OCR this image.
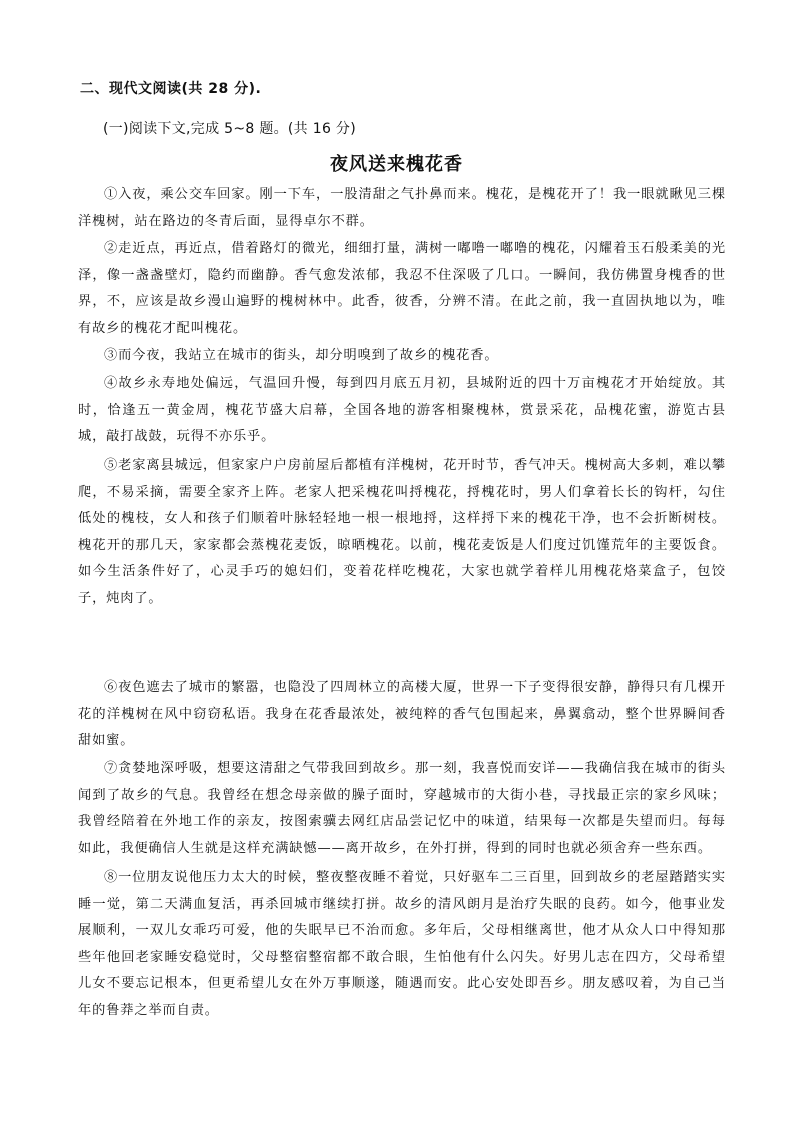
二、现代文阅读(共 28 分).
(一)阅读下文,完成 5~8 题。(共 16 分)
夜风送来槐花香

①入夜，乘公交车回家。刚一下车，一股清甜之气扑鼻而来。槐花，是槐花开了！我一眼就瞅见三棵洋槐树，站在路边的冬青后面，显得卓尔不群。

②走近点，再近点，借着路灯的微光，细细打量，满树一嘟噜一嘟噜的槐花，闪耀着玉石般柔美的光泽，像一盏盏壁灯，隐约而幽静。香气愈发浓郁，我忍不住深吸了几口。一瞬间，我仿佛置身槐香的世界，不，应该是故乡漫山遍野的槐树林中。此香，彼香，分辨不清。在此之前，我一直固执地以为，唯有故乡的槐花才配叫槐花。

③而今夜，我站立在城市的街头，却分明嗅到了故乡的槐花香。

④故乡永寿地处偏远，气温回升慢，每到四月底五月初，县城附近的四十万亩槐花才开始绽放。其时，恰逢五一黄金周，槐花节盛大启幕，全国各地的游客相聚槐林，赏景采花，品槐花蜜，游览古县城，敲打战鼓，玩得不亦乐乎。

⑤老家离县城远，但家家户户房前屋后都植有洋槐树，花开时节，香气冲天。槐树高大多刺，难以攀爬，不易采摘，需要全家齐上阵。老家人把采槐花叫捋槐花，捋槐花时，男人们拿着长长的钩杆，勾住低处的槐枝，女人和孩子们顺着叶脉轻轻地一根一根地捋，这样捋下来的槐花干净，也不会折断树枝。槐花开的那几天，家家都会蒸槐花麦饭，晾晒槐花。以前，槐花麦饭是人们度过饥馑荒年的主要饭食。如今生活条件好了，心灵手巧的媳妇们，变着花样吃槐花，大家也就学着样儿用槐花烙菜盒子，包饺子，炖肉了。

⑥夜色遮去了城市的繁嚣，也隐没了四周林立的高楼大厦，世界一下子变得很安静，静得只有几棵开花的洋槐树在风中窃窃私语。我身在花香最浓处，被纯粹的香气包围起来，鼻翼翕动，整个世界瞬间香甜如蜜。

⑦贪婪地深呼吸，想要这清甜之气带我回到故乡。那一刻，我喜悦而安详——我确信我在城市的街头闻到了故乡的气息。我曾经在想念母亲做的臊子面时，穿越城市的大街小巷，寻找最正宗的家乡风味；我曾经陪着在外地工作的亲友，按图索骥去网红店品尝记忆中的味道，结果每一次都是失望而归。每每如此，我便确信人生就是这样充满缺憾——离开故乡，在外打拼，得到的同时也就必须舍弃一些东西。

⑧一位朋友说他压力太大的时候，整夜整夜睡不着觉，只好驱车二三百里，回到故乡的老屋踏踏实实睡一觉，第二天满血复活，再杀回城市继续打拼。故乡的清风朗月是治疗失眠的良药。如今，他事业发展顺利，一双儿女乖巧可爱，他的失眠早已不治而愈。多年后，父母相继离世，他才从众人口中得知那些年他回老家睡安稳觉时，父母整宿整宿都不敢合眼，生怕他有什么闪失。好男儿志在四方，父母希望儿女不要忘记根本，但更希望儿女在外万事顺遂，随遇而安。此心安处即吾乡。朋友感叹着，为自己当年的鲁莽之举而自责。
